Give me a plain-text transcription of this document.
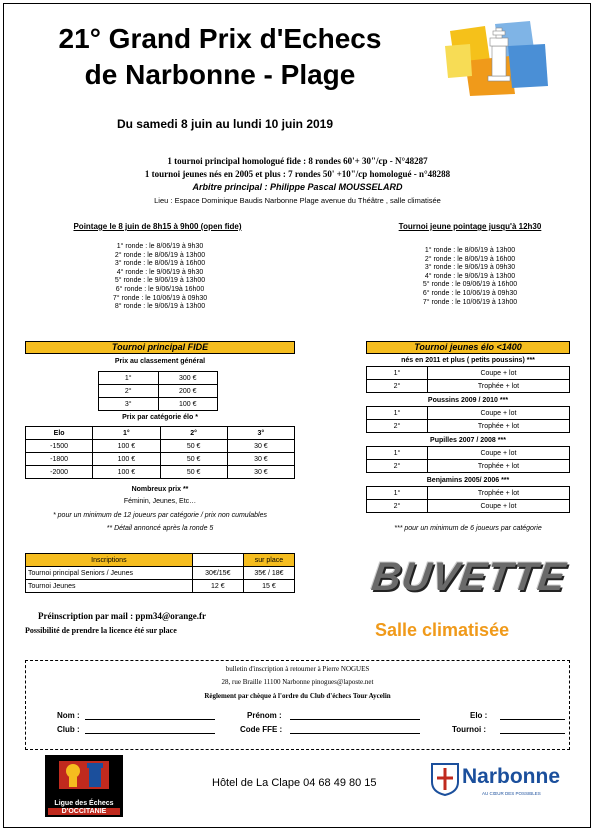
21° Grand Prix d'Echecs
de Narbonne - Plage
Du samedi 8 juin au lundi 10 juin 2019
1 tournoi principal homologué fide : 8 rondes 60'+ 30"/cp - N°48287
1 tournoi jeunes nés en 2005 et plus : 7 rondes 50' +10"/cp homologué - n°48288
Arbitre principal : Philippe Pascal MOUSSELARD
Lieu : Espace Dominique Baudis Narbonne Plage avenue du Théâtre , salle climatisée
Pointage le 8 juin de 8h15 à 9h00 (open fide)
1° ronde : le 8/06/19 à 9h30
2° ronde : le 8/06/19 à 13h00
3° ronde : le 8/06/19 à 16h00
4° ronde : le 9/06/19 à 9h30
5° ronde : le 9/06/19 à 13h00
6° ronde : le 9/06/19à 16h00
7° ronde : le 10/06/19 à 09h30
8° ronde : le 9/06/19 à 13h00
Tournoi principal FIDE
Prix au classement général
1°	300 €
2°	200 €
3°	100 €
Prix par catégorie élo *
Elo	1°	2°	3°
-1500	100 €	50 €	30 €
-1800	100 €	50 €	30 €
-2000	100 €	50 €	30 €
Nombreux prix **
Féminin, Jeunes, Etc…
* pour un minimum de 12 joueurs par catégorie / prix non cumulables
** Détail annoncé après la ronde 5
Tournoi jeune pointage jusqu'à 12h30
1° ronde : le 8/06/19 à 13h00
2° ronde : le 8/06/19 à 16h00
3° ronde : le 9/06/19 à 09h30
4° ronde : le 9/06/19 à 13h00
5° ronde : le 09/06/19 à 16h00
6° ronde : le 10/06/19 à 09h30
7° ronde : le 10/06/19 à 13h00
Tournoi jeunes élo <1400
nés en 2011 et plus ( petits poussins) ***
1°	Coupe + lot
2°	Trophée + lot
Poussins 2009 / 2010 ***
1°	Coupe + lot
2°	Trophée + lot
Pupilles 2007 / 2008 ***
1°	Coupe + lot
2°	Trophée + lot
Benjamins 2005/ 2006 ***
1°	Trophée + lot
2°	Coupe + lot
*** pour un minimum de 6 joueurs par catégorie
Inscriptions		sur place
Tournoi principal Seniors / Jeunes	30€/15€	35€ / 18€
Tournoi Jeunes	12 €	15 € BUVETTE
Salle climatisée
Préinscription par mail : ppm34@orange.fr
Possibilité de prendre la licence été sur place
bulletin d'inscription à retourner à Pierre NOGUES
28, rue Braille 11100 Narbonne pinogues@laposte.net
Règlement par chèque à l'ordre du Club d'échecs Tour Aycelin
Nom :	Prénom :	Elo :
Club :	Code FFE :	Tournoi :
Ligue des Échecs
D'OCCITANIE
Hôtel de La Clape 04 68 49 80 15	Narbonne
AU CŒUR DES POSSIBLES
